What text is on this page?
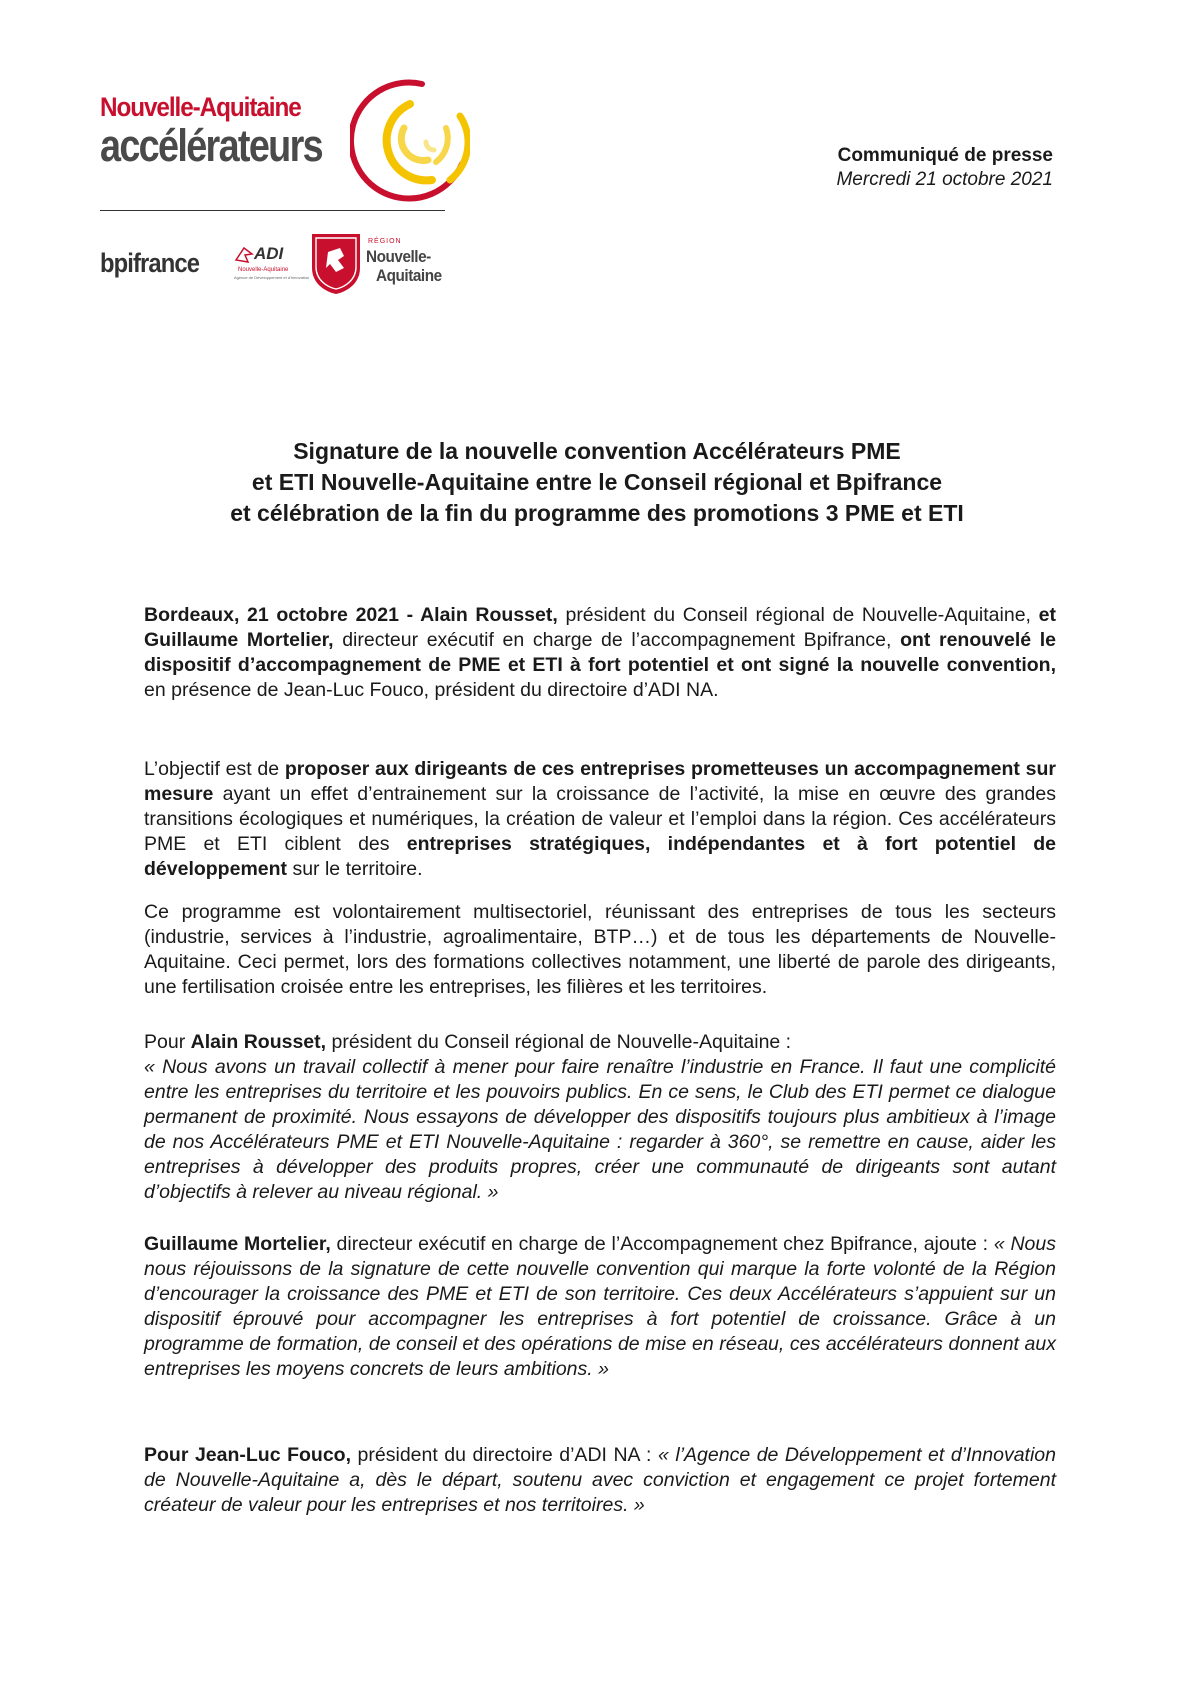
Nouvelle-Aquitaine
accélérateurs
bpifrance	ADI
Nouvelle-Aquitaine
Agence de Développement et d'Innovation
RÉGION
Nouvelle-
Aquitaine
Communiqué de presse
Mercredi 21 octobre 2021
Signature de la nouvelle convention Accélérateurs PME
et ETI Nouvelle-Aquitaine entre le Conseil régional et Bpifrance
et célébration de la fin du programme des promotions 3 PME et ETI
Bordeaux, 21 octobre 2021 - Alain Rousset, président du Conseil régional de Nouvelle-Aquitaine, et Guillaume Mortelier, directeur exécutif en charge de l’accompagnement Bpifrance, ont renouvelé le dispositif d’accompagnement de PME et ETI à fort potentiel et ont signé la nouvelle convention, en présence de Jean-Luc Fouco, président du directoire d’ADI NA.
L’objectif est de proposer aux dirigeants de ces entreprises prometteuses un accompagnement sur mesure ayant un effet d’entrainement sur la croissance de l’activité, la mise en œuvre des grandes transitions écologiques et numériques, la création de valeur et l’emploi dans la région. Ces accélérateurs PME et ETI ciblent des entreprises stratégiques, indépendantes et à fort potentiel de développement sur le territoire.
Ce programme est volontairement multisectoriel, réunissant des entreprises de tous les secteurs (industrie, services à l’industrie, agroalimentaire, BTP…) et de tous les départements de Nouvelle-Aquitaine. Ceci permet, lors des formations collectives notamment, une liberté de parole des dirigeants, une fertilisation croisée entre les entreprises, les filières et les territoires.
Pour Alain Rousset, président du Conseil régional de Nouvelle-Aquitaine :
« Nous avons un travail collectif à mener pour faire renaître l’industrie en France. Il faut une complicité entre les entreprises du territoire et les pouvoirs publics. En ce sens, le Club des ETI permet ce dialogue permanent de proximité. Nous essayons de développer des dispositifs toujours plus ambitieux à l’image de nos Accélérateurs PME et ETI Nouvelle-Aquitaine : regarder à 360°, se remettre en cause, aider les entreprises à développer des produits propres, créer une communauté de dirigeants sont autant d’objectifs à relever au niveau régional. »
Guillaume Mortelier, directeur exécutif en charge de l’Accompagnement chez Bpifrance, ajoute : « Nous nous réjouissons de la signature de cette nouvelle convention qui marque la forte volonté de la Région d’encourager la croissance des PME et ETI de son territoire. Ces deux Accélérateurs s’appuient sur un dispositif éprouvé pour accompagner les entreprises à fort potentiel de croissance. Grâce à un programme de formation, de conseil et des opérations de mise en réseau, ces accélérateurs donnent aux entreprises les moyens concrets de leurs ambitions. »
Pour Jean-Luc Fouco, président du directoire d’ADI NA : « l’Agence de Développement et d’Innovation de Nouvelle-Aquitaine a, dès le départ, soutenu avec conviction et engagement ce projet fortement créateur de valeur pour les entreprises et nos territoires. »
